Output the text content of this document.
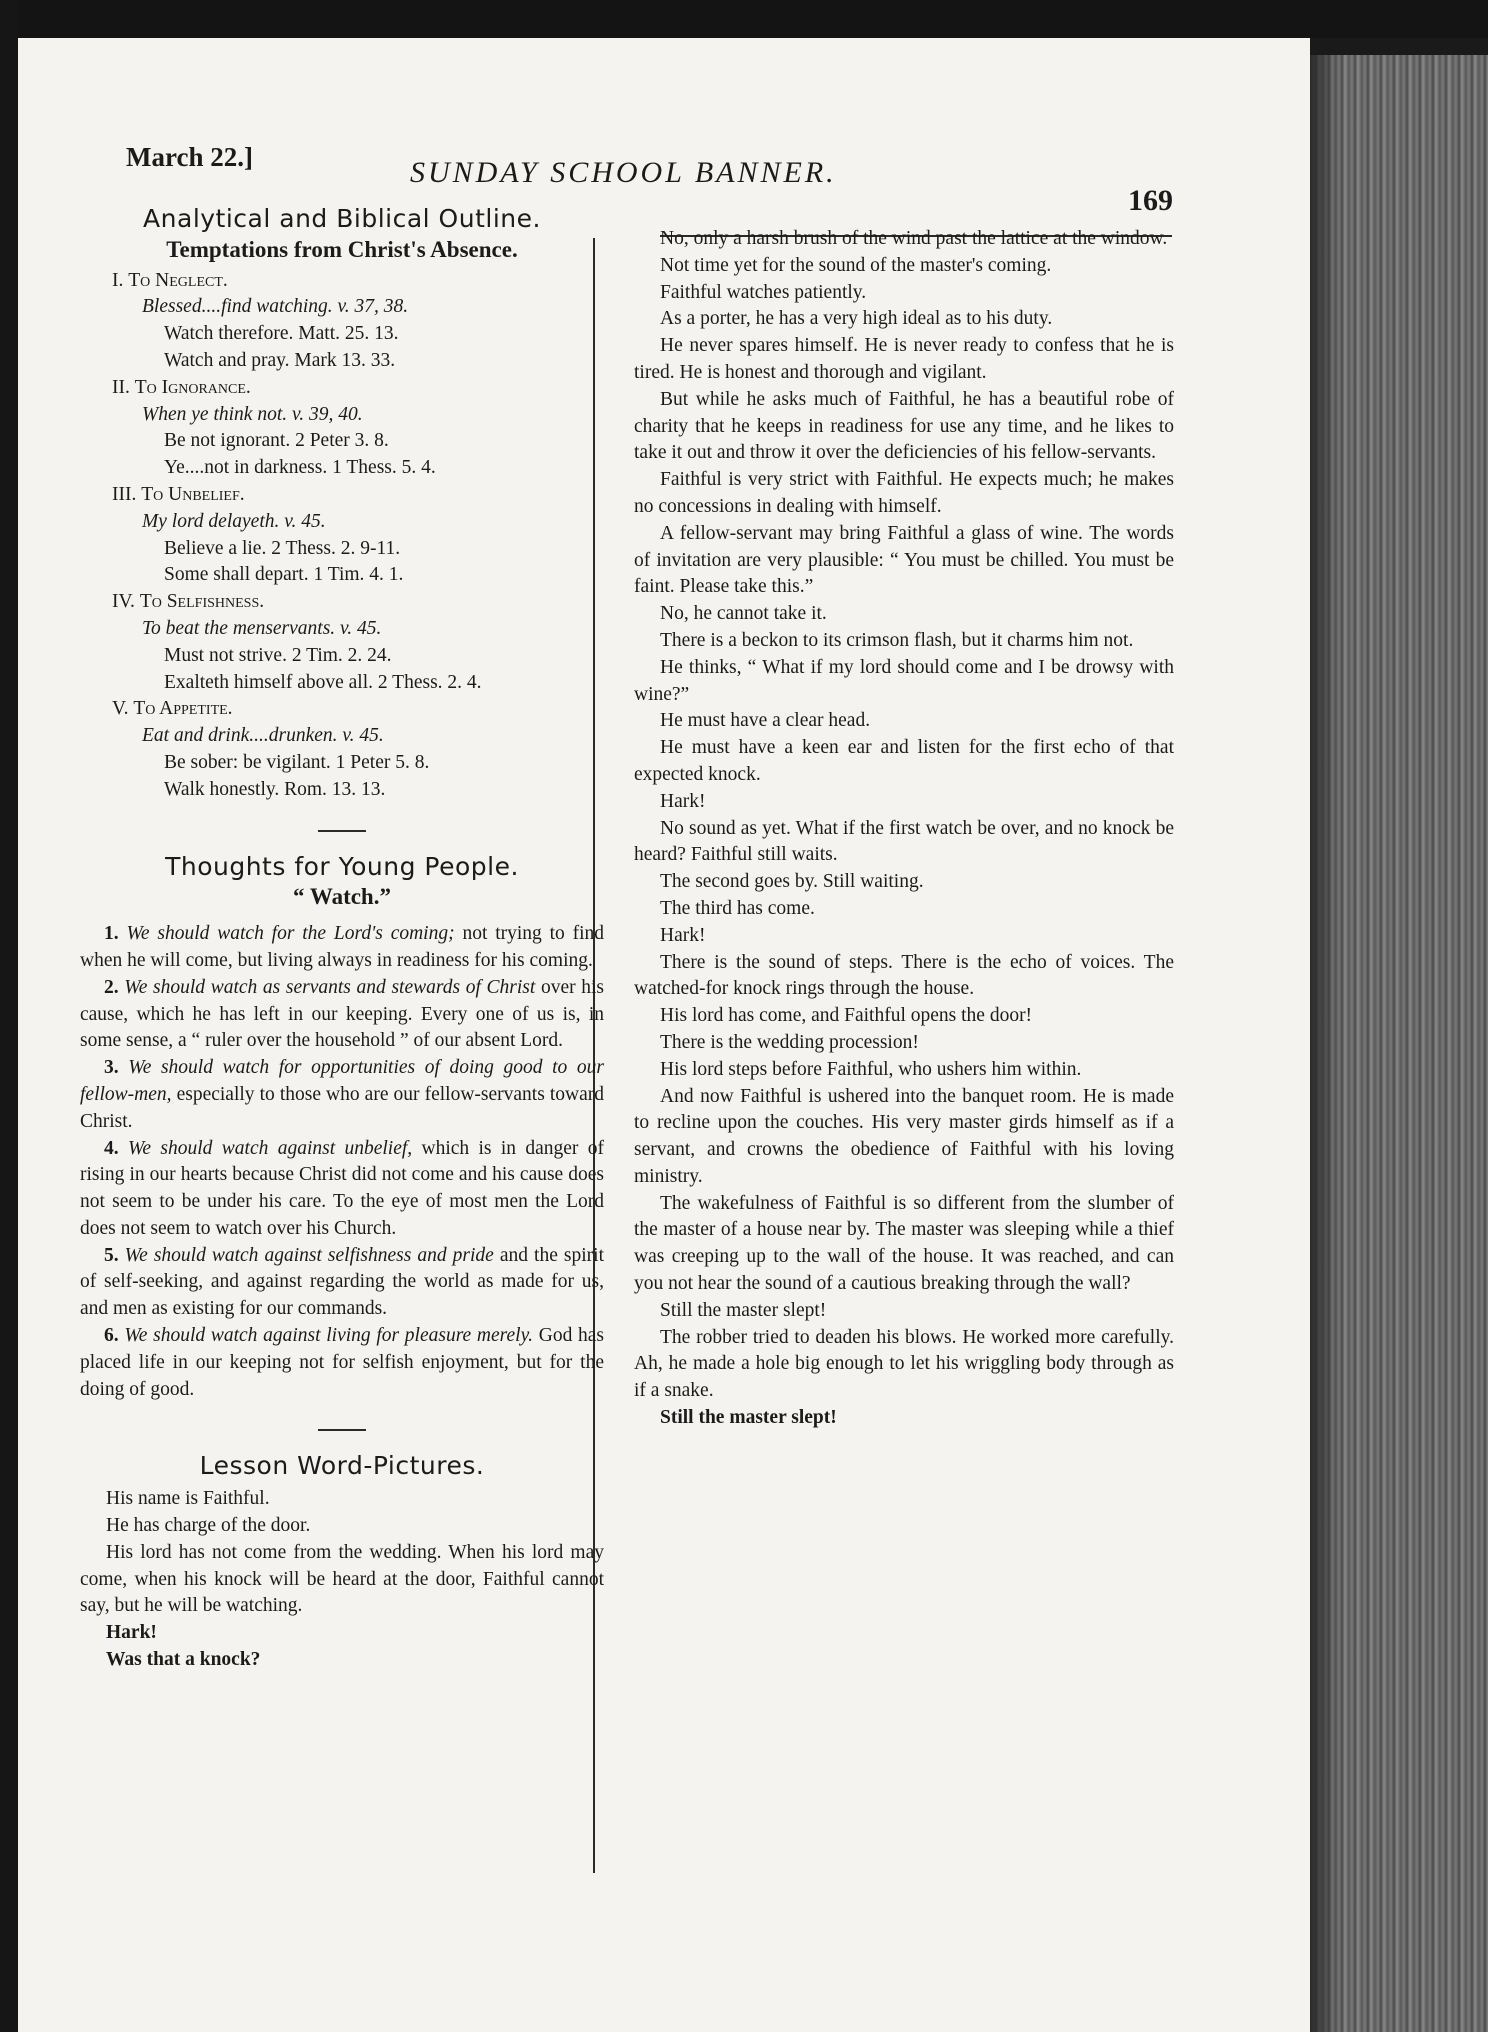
March 22.]	SUNDAY SCHOOL BANNER.
169
Analytical and Biblical Outline.
Temptations from Christ's Absence.
I. To Neglect.
Blessed....find watching. v. 37, 38.
Watch therefore. Matt. 25. 13.
Watch and pray. Mark 13. 33.
II. To Ignorance.
When ye think not. v. 39, 40.
Be not ignorant. 2 Peter 3. 8.
Ye....not in darkness. 1 Thess. 5. 4.
III. To Unbelief.
My lord delayeth. v. 45.
Believe a lie. 2 Thess. 2. 9-11.
Some shall depart. 1 Tim. 4. 1.
IV. To Selfishness.
To beat the menservants. v. 45.
Must not strive. 2 Tim. 2. 24.
Exalteth himself above all. 2 Thess. 2. 4.
V. To Appetite.
Eat and drink....drunken. v. 45.
Be sober: be vigilant. 1 Peter 5. 8.
Walk honestly. Rom. 13. 13.
Thoughts for Young People.
“ Watch.”

1. We should watch for the Lord's coming; not trying to find when he will come, but living always in readiness for his coming.

2. We should watch as servants and stewards of Christ over his cause, which he has left in our keeping. Every one of us is, in some sense, a “ ruler over the household ” of our absent Lord.

3. We should watch for opportunities of doing good to our fellow-men, especially to those who are our fellow-servants toward Christ.

4. We should watch against unbelief, which is in danger of rising in our hearts because Christ did not come and his cause does not seem to be under his care. To the eye of most men the Lord does not seem to watch over his Church.

5. We should watch against selfishness and pride and the spirit of self-seeking, and against regarding the world as made for us, and men as existing for our commands.

6. We should watch against living for pleasure merely. God has placed life in our keeping not for selfish enjoyment, but for the doing of good.

Lesson Word-Pictures.

His name is Faithful.

He has charge of the door.

His lord has not come from the wedding. When his lord may come, when his knock will be heard at the door, Faithful cannot say, but he will be watching.

Hark!

Was that a knock?

No, only a harsh brush of the wind past the lattice at the window.

Not time yet for the sound of the master's coming.

Faithful watches patiently.

As a porter, he has a very high ideal as to his duty.

He never spares himself. He is never ready to confess that he is tired. He is honest and thorough and vigilant.

But while he asks much of Faithful, he has a beautiful robe of charity that he keeps in readiness for use any time, and he likes to take it out and throw it over the deficiencies of his fellow-servants.

Faithful is very strict with Faithful. He expects much; he makes no concessions in dealing with himself.

A fellow-servant may bring Faithful a glass of wine. The words of invitation are very plausible: “ You must be chilled. You must be faint. Please take this.”

No, he cannot take it.

There is a beckon to its crimson flash, but it charms him not.

He thinks, “ What if my lord should come and I be drowsy with wine?”

He must have a clear head.

He must have a keen ear and listen for the first echo of that expected knock.

Hark!

No sound as yet. What if the first watch be over, and no knock be heard? Faithful still waits.

The second goes by. Still waiting.

The third has come.

Hark!

There is the sound of steps. There is the echo of voices. The watched-for knock rings through the house.

His lord has come, and Faithful opens the door!

There is the wedding procession!

His lord steps before Faithful, who ushers him within.

And now Faithful is ushered into the banquet room. He is made to recline upon the couches. His very master girds himself as if a servant, and crowns the obedience of Faithful with his loving ministry.

The wakefulness of Faithful is so different from the slumber of the master of a house near by. The master was sleeping while a thief was creeping up to the wall of the house. It was reached, and can you not hear the sound of a cautious breaking through the wall?

Still the master slept!

The robber tried to deaden his blows. He worked more carefully. Ah, he made a hole big enough to let his wriggling body through as if a snake.

Still the master slept!
